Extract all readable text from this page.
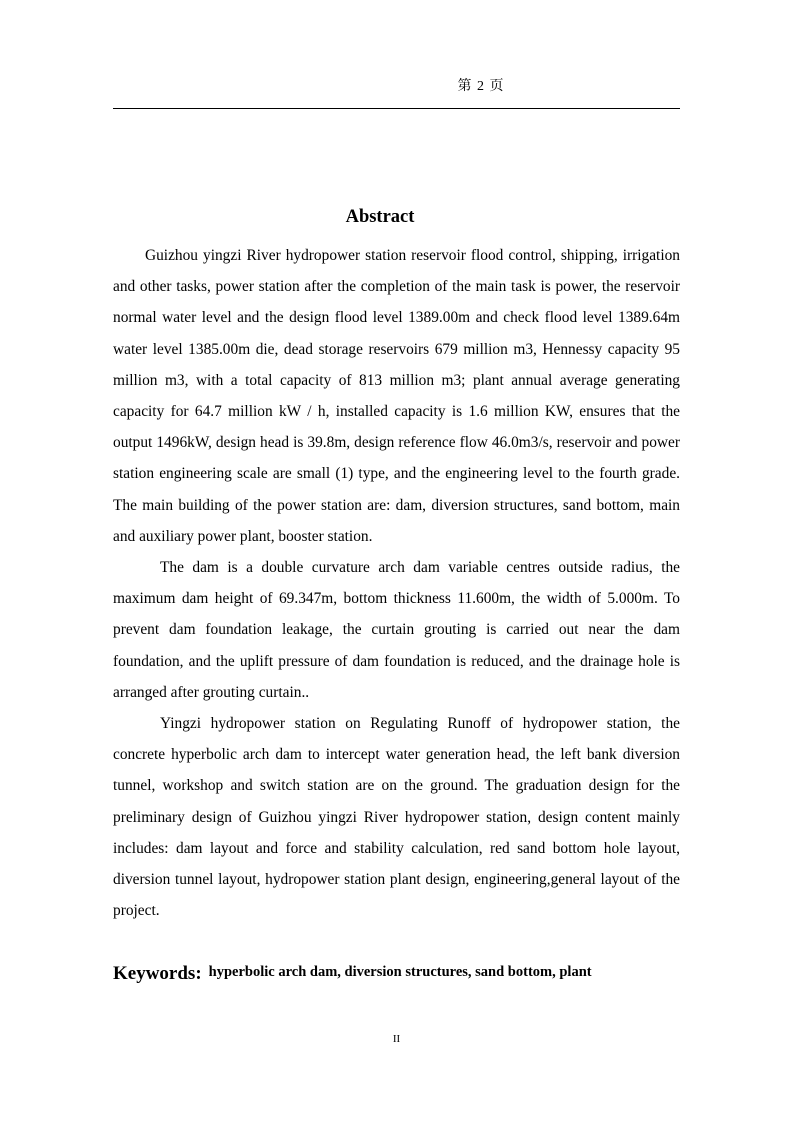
第 2 页
Abstract

Guizhou yingzi River hydropower station reservoir flood control, shipping, irrigation and other tasks, power station after the completion of the main task is power, the reservoir normal water level and the design flood level 1389.00m and check flood level 1389.64m water level 1385.00m die, dead storage reservoirs 679 million m3, Hennessy capacity 95 million m3, with a total capacity of 813 million m3; plant annual average generating capacity for 64.7 million kW / h, installed capacity is 1.6 million KW, ensures that the output 1496kW, design head is 39.8m, design reference flow 46.0m3/s, reservoir and power station engineering scale are small (1) type, and the engineering level to the fourth grade. The main building of the power station are: dam, diversion structures, sand bottom, main and auxiliary power plant, booster station.

The dam is a double curvature arch dam variable centres outside radius, the maximum dam height of 69.347m, bottom thickness 11.600m, the width of 5.000m. To prevent dam foundation leakage, the curtain grouting is carried out near the dam foundation, and the uplift pressure of dam foundation is reduced, and the drainage hole is arranged after grouting curtain..

Yingzi hydropower station on Regulating Runoff of hydropower station, the concrete hyperbolic arch dam to intercept water generation head, the left bank diversion tunnel, workshop and switch station are on the ground. The graduation design for the preliminary design of Guizhou yingzi River hydropower station, design content mainly includes: dam layout and force and stability calculation, red sand bottom hole layout, diversion tunnel layout, hydropower station plant design, engineering,general layout of the project.

Keywords: hyperbolic arch dam, diversion structures, sand bottom, plant
II
